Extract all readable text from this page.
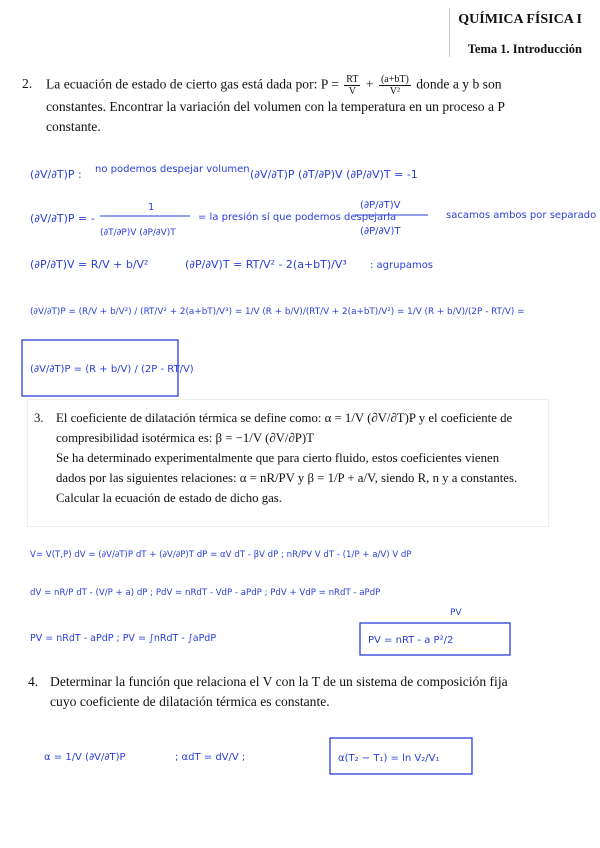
QUÍMICA FÍSICA I
Tema 1. Introducción
2.	La ecuación de estado de cierto gas está dada por: $P = \frac{RT}{V} + \frac{(a+bT)}{\text{V²}}$ donde a y b son
constantes. Encontrar la variación del volumen con la temperatura en un proceso a P
constante.
(∂V/∂T)P : no podemos despejar volumen (∂V/∂T)P (∂T/∂P)V (∂P/∂V)T = -1
(∂V/∂T)P = -
1
(∂T/∂P)V (∂P/∂V)T
= la presión sí que podemos despejarla
(∂P/∂T)V
(∂P/∂V)T
sacamos ambos por separado
(∂P/∂T)V = R/V + b/V²	(∂P/∂V)T = RT/V² - 2(a+bT)/V³ : agrupamos
(∂V/∂T)P = (R/V + b/V²) / (RT/V² + 2(a+bT)/V³) = 1/V (R + b/V)/(RT/V + 2(a+bT)/V²) = 1/V (R + b/V)/(2P - RT/V) =
(∂V/∂T)P = (R + b/V) / (2P - RT/V)
3. El coeficiente de dilatación térmica se define como: α = 1/V (∂V/∂T)P y el coeficiente de
compresibilidad isotérmica es: β = −1/V (∂V/∂P)T
Se ha determinado experimentalmente que para cierto fluido, estos coeficientes vienen
dados por las siguientes relaciones: α = nR/PV y β = 1/P + a/V, siendo R, n y a constantes.
Calcular la ecuación de estado de dicho gas.
V= V(T,P) dV = (∂V/∂T)P dT + (∂V/∂P)T dP = αV dT - βV dP ; nR/PV V dT - (1/P + a/V) V dP
dV = nR/P dT - (V/P + a) dP ; PdV = nRdT - VdP - aPdP ; PdV + VdP = nRdT - aPdP
PV
PV = nRdT - aPdP ; PV = ∫nRdT - ∫aPdP	PV = nRT - a P²/2
4. Determinar la función que relaciona el V con la T de un sistema de composición fija
cuyo coeficiente de dilatación térmica es constante.
α = 1/V (∂V/∂T)P	; αdT = dV/V ;	α(T₂ − T₁) = ln V₂/V₁
